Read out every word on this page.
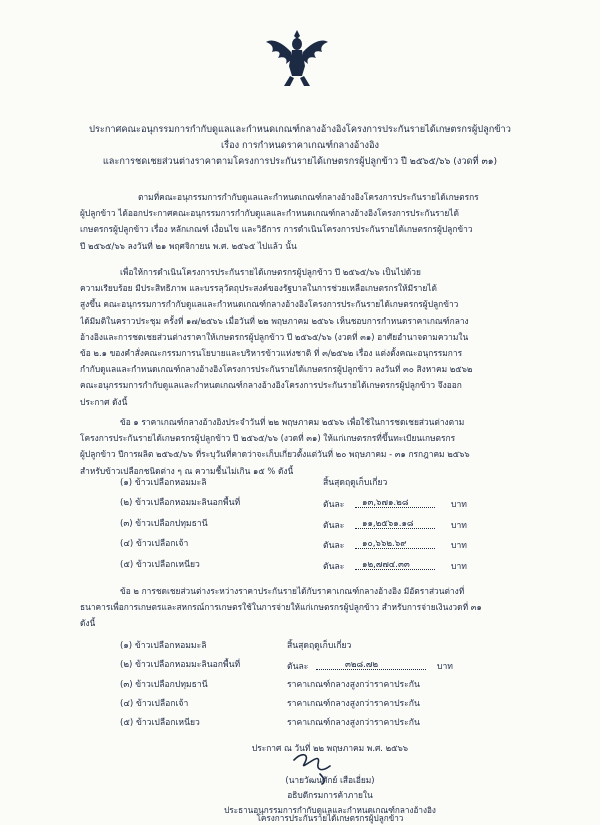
ประกาศคณะอนุกรรมการกำกับดูแลและกำหนดเกณฑ์กลางอ้างอิงโครงการประกันรายได้เกษตรกรผู้ปลูกข้าว
เรื่อง การกำหนดราคาเกณฑ์กลางอ้างอิง
และการชดเชยส่วนต่างราคาตามโครงการประกันรายได้เกษตรกรผู้ปลูกข้าว ปี ๒๕๖๕/๖๖ (งวดที่ ๓๑)
ตามที่คณะอนุกรรมการกำกับดูแลและกำหนดเกณฑ์กลางอ้างอิงโครงการประกันรายได้เกษตรกร
ผู้ปลูกข้าว ได้ออกประกาศคณะอนุกรรมการกำกับดูแลและกำหนดเกณฑ์กลางอ้างอิงโครงการประกันรายได้
เกษตรกรผู้ปลูกข้าว เรื่อง หลักเกณฑ์ เงื่อนไข และวิธีการ การดำเนินโครงการประกันรายได้เกษตรกรผู้ปลูกข้าว
ปี ๒๕๖๕/๖๖ ลงวันที่ ๒๑ พฤศจิกายน พ.ศ. ๒๕๖๕ ไปแล้ว นั้น
เพื่อให้การดำเนินโครงการประกันรายได้เกษตรกรผู้ปลูกข้าว ปี ๒๕๖๕/๖๖ เป็นไปด้วย
ความเรียบร้อย มีประสิทธิภาพ และบรรลุวัตถุประสงค์ของรัฐบาลในการช่วยเหลือเกษตรกรให้มีรายได้
สูงขึ้น คณะอนุกรรมการกำกับดูแลและกำหนดเกณฑ์กลางอ้างอิงโครงการประกันรายได้เกษตรกรผู้ปลูกข้าว
ได้มีมติในคราวประชุม ครั้งที่ ๑๗/๒๕๖๖ เมื่อวันที่ ๒๒ พฤษภาคม ๒๕๖๖ เห็นชอบการกำหนดราคาเกณฑ์กลาง
อ้างอิงและการชดเชยส่วนต่างราคาให้เกษตรกรผู้ปลูกข้าว ปี ๒๕๖๕/๖๖ (งวดที่ ๓๑) อาศัยอำนาจตามความใน
ข้อ ๒.๑ ของคำสั่งคณะกรรมการนโยบายและบริหารข้าวแห่งชาติ ที่ ๓/๒๕๖๒ เรื่อง แต่งตั้งคณะอนุกรรมการ
กำกับดูแลและกำหนดเกณฑ์กลางอ้างอิงโครงการประกันรายได้เกษตรกรผู้ปลูกข้าว ลงวันที่ ๓๐ สิงหาคม ๒๕๖๒
คณะอนุกรรมการกำกับดูแลและกำหนดเกณฑ์กลางอ้างอิงโครงการประกันรายได้เกษตรกรผู้ปลูกข้าว จึงออก
ประกาศ ดังนี้
ข้อ ๑ ราคาเกณฑ์กลางอ้างอิงประจำวันที่ ๒๒ พฤษภาคม ๒๕๖๖ เพื่อใช้ในการชดเชยส่วนต่างตาม
โครงการประกันรายได้เกษตรกรผู้ปลูกข้าว ปี ๒๕๖๕/๖๖ (งวดที่ ๓๑) ให้แก่เกษตรกรที่ขึ้นทะเบียนเกษตรกร
ผู้ปลูกข้าว ปีการผลิต ๒๕๖๕/๖๖ ที่ระบุวันที่คาดว่าจะเก็บเกี่ยวตั้งแต่วันที่ ๒๐ พฤษภาคม - ๓๑ กรกฎาคม ๒๕๖๖
สำหรับข้าวเปลือกชนิดต่าง ๆ ณ ความชื้นไม่เกิน ๑๕ % ดังนี้
(๑) ข้าวเปลือกหอมมะลิ	สิ้นสุดฤดูเก็บเกี่ยว
(๒) ข้าวเปลือกหอมมะลินอกพื้นที่	ตันละ ๑๓,๖๗๑.๒๘	บาท
(๓) ข้าวเปลือกปทุมธานี	ตันละ ๑๑,๒๕๖๑.๑๘	บาท
(๔) ข้าวเปลือกเจ้า	ตันละ ๑๐,๖๖๒.๖๙	บาท
(๕) ข้าวเปลือกเหนียว	ตันละ ๑๒,๗๗๔.๓๓	บาท
ข้อ ๒ การชดเชยส่วนต่างระหว่างราคาประกันรายได้กับราคาเกณฑ์กลางอ้างอิง มีอัตราส่วนต่างที่
ธนาคารเพื่อการเกษตรและสหกรณ์การเกษตรใช้ในการจ่ายให้แก่เกษตรกรผู้ปลูกข้าว สำหรับการจ่ายเงินงวดที่ ๓๑
ดังนี้
(๑) ข้าวเปลือกหอมมะลิ	สิ้นสุดฤดูเก็บเกี่ยว
(๒) ข้าวเปลือกหอมมะลินอกพื้นที่	ตันละ	๓๒๘.๗๒	บาท
(๓) ข้าวเปลือกปทุมธานี	ราคาเกณฑ์กลางสูงกว่าราคาประกัน
(๔) ข้าวเปลือกเจ้า	ราคาเกณฑ์กลางสูงกว่าราคาประกัน
(๕) ข้าวเปลือกเหนียว	ราคาเกณฑ์กลางสูงกว่าราคาประกัน
ประกาศ ณ วันที่ ๒๒ พฤษภาคม พ.ศ. ๒๕๖๖
(นายวัฒนศักย์ เสือเอี่ยม)
อธิบดีกรมการค้าภายใน
ประธานอนุกรรมการกำกับดูแลและกำหนดเกณฑ์กลางอ้างอิง
โครงการประกันรายได้เกษตรกรผู้ปลูกข้าว
